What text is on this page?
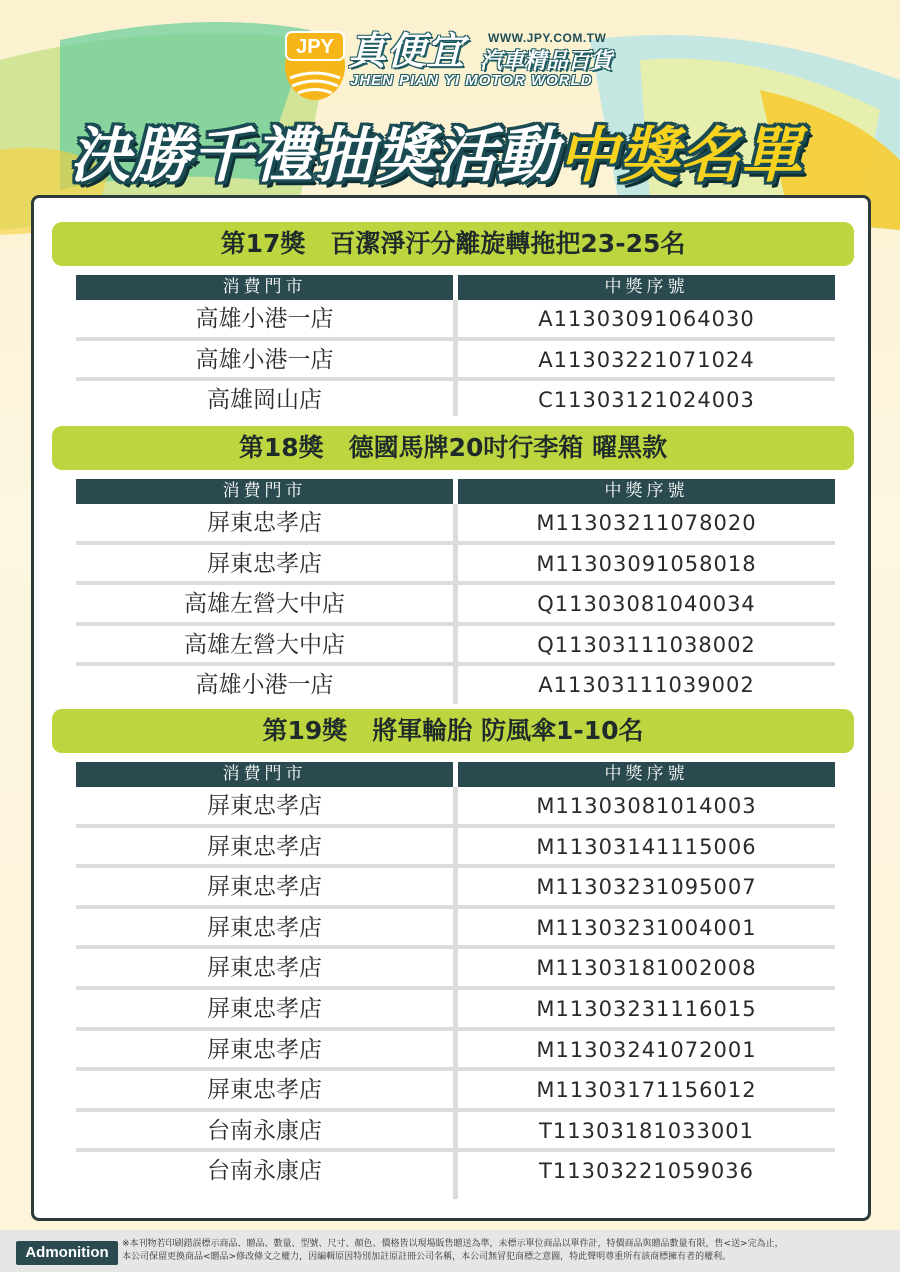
JPY 真便宜 WWW.JPY.COM.TW
汽車精品百貨
JHEN PIAN YI MOTOR WORLD
決勝千禮抽獎活動中獎名單
第17獎　百潔淨汙分離旋轉拖把23-25名
消費門市	中獎序號
高雄小港一店	A11303091064030
高雄小港一店	A11303221071024
高雄岡山店	C11303121024003
第18獎　德國馬牌20吋行李箱 曜黑款
消費門市	中獎序號
屏東忠孝店	M11303211078020
屏東忠孝店	M11303091058018
高雄左營大中店	Q11303081040034
高雄左營大中店	Q11303111038002
高雄小港一店	A11303111039002
第19獎　將軍輪胎 防風傘1-10名
消費門市	中獎序號
屏東忠孝店	M11303081014003
屏東忠孝店	M11303141115006
屏東忠孝店	M11303231095007
屏東忠孝店	M11303231004001
屏東忠孝店	M11303181002008
屏東忠孝店	M11303231116015
屏東忠孝店	M11303241072001
屏東忠孝店	M11303171156012
台南永康店	T11303181033001
台南永康店	T11303221059036
Admonition	※本刊物若印刷錯誤標示商品、贈品、數量、型號、尺寸、顏色、價格皆以現場販售贈送為準，未標示單位商品以單件計，特價商品與贈品數量有限，售<送>完為止，
本公司保留更換商品<贈品>修改條文之權力，因編輯原因特別加註原註冊公司名稱，本公司無冒犯商標之意圖，特此聲明尊重所有該商標擁有者的權利。
